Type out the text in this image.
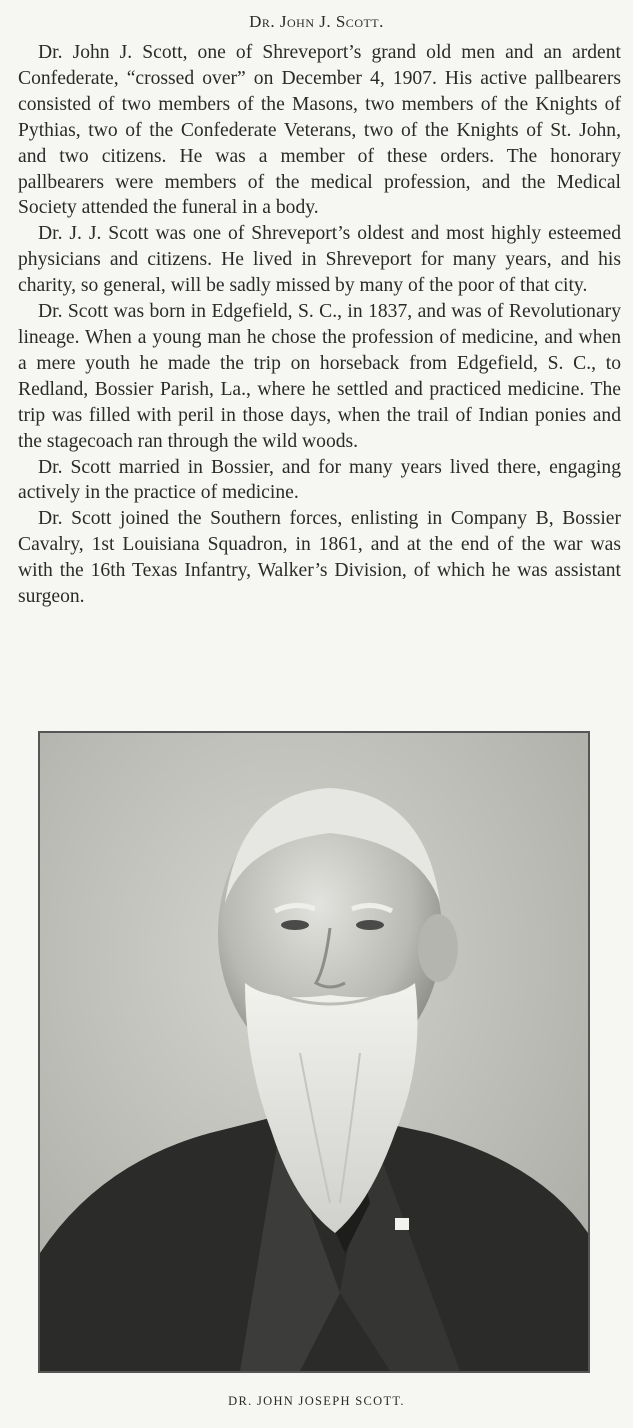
Dr. John J. Scott.

Dr. John J. Scott, one of Shreveport’s grand old men and an ardent Confederate, “crossed over” on December 4, 1907. His active pallbearers consisted of two members of the Masons, two members of the Knights of Pythias, two of the Confederate Veterans, two of the Knights of St. John, and two citizens. He was a member of these orders. The honorary pallbearers were members of the medical profession, and the Medical Society attended the funeral in a body.

Dr. J. J. Scott was one of Shreveport’s oldest and most highly esteemed physicians and citizens. He lived in Shreveport for many years, and his charity, so general, will be sadly missed by many of the poor of that city.

Dr. Scott was born in Edgefield, S. C., in 1837, and was of Revolutionary lineage. When a young man he chose the profession of medicine, and when a mere youth he made the trip on horseback from Edgefield, S. C., to Redland, Bossier Parish, La., where he settled and practiced medicine. The trip was filled with peril in those days, when the trail of Indian ponies and the stagecoach ran through the wild woods.

Dr. Scott married in Bossier, and for many years lived there, engaging actively in the practice of medicine.

Dr. Scott joined the Southern forces, enlisting in Company B, Bossier Cavalry, 1st Louisiana Squadron, in 1861, and at the end of the war was with the 16th Texas Infantry, Walker’s Division, of which he was assistant surgeon.

DR. JOHN JOSEPH SCOTT.
